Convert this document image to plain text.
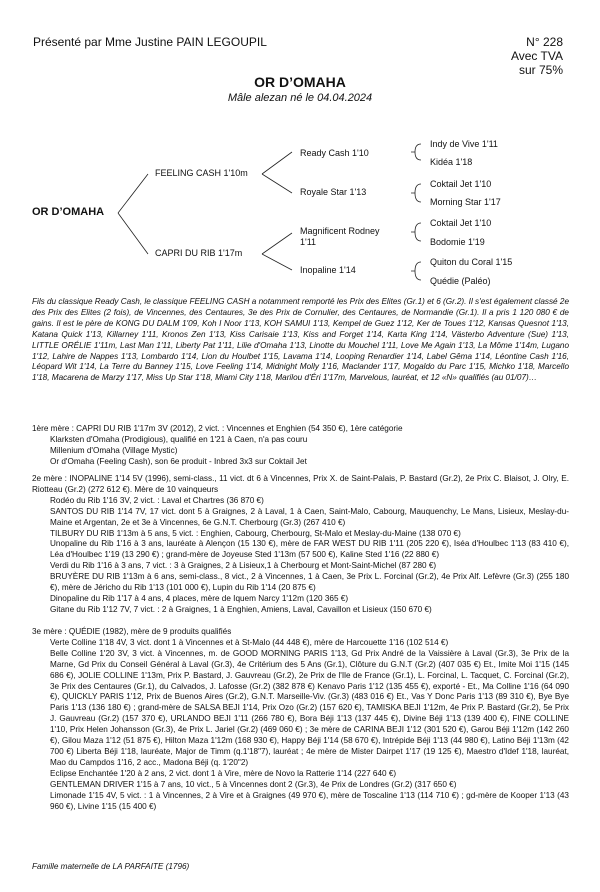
Présenté par Mme Justine PAIN LEGOUPIL	N° 228
Avec TVA
sur 75%
OR D’OMAHA
Mâle alezan né le 04.04.2024
OR D’OMAHA
FEELING CASH 1'10m
CAPRI DU RIB 1'17m
Ready Cash 1'10
Royale Star 1'13
Magnificent Rodney 1'11
Inopaline 1'14
Indy de Vive 1'11
Kidéa 1'18
Coktail Jet 1'10
Morning Star 1'17
Coktail Jet 1'10
Bodomie 1'19
Quiton du Coral 1'15
Quédie (Paléo)
Fils du classique Ready Cash, le classique FEELING CASH a notamment remporté les Prix des Elites (Gr.1) et 6 (Gr.2). Il s'est également classé 2e des Prix des Elites (2 fois), de Vincennes, des Centaures, 3e des Prix de Cornulier, des Centaures, de Normandie (Gr.1). Il a pris 1 120 080 € de gains. Il est le père de KONG DU DALM 1'09, Koh I Noor 1'13, KOH SAMUI 1'13, Kempel de Guez 1'12, Ker de Toues 1'12, Kansas Quesnot 1'13, Katana Quick 1'13, Killarney 1'11, Kronos Zen 1'13, Kiss Carisaie 1'13, Kiss and Forget 1'14, Karta King 1'14, Västerbo Adventure (Sue) 1'13, LITTLE ORÉLIE 1'11m, Last Man 1'11, Liberty Pat 1'11, Lilie d'Omaha 1'13, Linotte du Mouchel 1'11, Love Me Again 1'13, La Môme 1'14m, Lugano 1'12, Lahire de Nappes 1'13, Lombardo 1'14, Lion du Houlbet 1'15, Lavama 1'14, Looping Renardier 1'14, Label Gêma 1'14, Léontine Cash 1'16, Léopard Wit 1'14, La Terre du Banney 1'15, Love Feeling 1'14, Midnight Molly 1'16, Maclander 1'17, Mogaldo du Parc 1'15, Michko 1'18, Marcello 1'18, Macarena de Marzy 1'17, Miss Up Star 1'18, Miami City 1'18, Marilou d'Éri 1'17m, Marvelous, lauréat, et 12 «N» qualifiés (au 01/07)…

1ère mère : CAPRI DU RIB 1'17m 3V (2012), 2 vict. : Vincennes et Enghien (54 350 €), 1ère catégorie

Klarksten d'Omaha (Prodigious), qualifié en 1'21 à Caen, n'a pas couru

Millenium d'Omaha (Village Mystic)

Or d'Omaha (Feeling Cash), son 6e produit - Inbred 3x3 sur Coktail Jet

2e mère : INOPALINE 1'14 5V (1996), semi-class., 11 vict. dt 6 à Vincennes, Prix X. de Saint-Palais, P. Bastard (Gr.2), 2e Prix C. Blaisot, J. Olry, E. Riotteau (Gr.2) (272 612 €). Mère de 10 vainqueurs

Rodéo du Rib 1'16 3V, 2 vict. : Laval et Chartres (36 870 €)

SANTOS DU RIB 1'14 7V, 17 vict. dont 5 à Graignes, 2 à Laval, 1 à Caen, Saint-Malo, Cabourg, Mauquenchy, Le Mans, Lisieux, Meslay-du-Maine et Argentan, 2e et 3e à Vincennes, 6e G.N.T. Cherbourg (Gr.3) (267 410 €)

TILBURY DU RIB 1'13m à 5 ans, 5 vict. : Enghien, Cabourg, Cherbourg, St-Malo et Meslay-du-Maine (138 070 €)

Unopaline du Rib 1'16 à 3 ans, lauréate à Alençon (15 130 €), mère de FAR WEST DU RIB 1'11 (205 220 €), Iséa d'Houlbec 1'13 (83 410 €), Léa d'Houlbec 1'19 (13 290 €) ; grand-mère de Joyeuse Sted 1'13m (57 500 €), Kaline Sted 1'16 (22 880 €)

Verdi du Rib 1'16 à 3 ans, 7 vict. : 3 à Graignes, 2 à Lisieux,1 à Cherbourg et Mont-Saint-Michel (87 280 €)

BRUYÈRE DU RIB 1'13m à 6 ans, semi-class., 8 vict., 2 à Vincennes, 1 à Caen, 3e Prix L. Forcinal (Gr.2), 4e Prix Alf. Lefèvre (Gr.3) (255 180 €), mère de Jéricho du Rib 1'13 (101 000 €), Lupin du Rib 1'14 (20 875 €)

Dinopaline du Rib 1'17 à 4 ans, 4 places, mère de Iquem Narcy 1'12m (120 365 €)

Gitane du Rib 1'12 7V, 7 vict. : 2 à Graignes, 1 à Enghien, Amiens, Laval, Cavaillon et Lisieux (150 670 €)

3e mère : QUÉDIE (1982), mère de 9 produits qualifiés

Verte Colline 1'18 4V, 3 vict. dont 1 à Vincennes et à St-Malo (44 448 €), mère de Harcouette 1'16 (102 514 €)

Belle Colline 1'20 3V, 3 vict. à Vincennes, m. de GOOD MORNING PARIS 1'13, Gd Prix André de la Vaissière à Laval (Gr.3), 3e Prix de la Marne, Gd Prix du Conseil Général à Laval (Gr.3), 4e Critérium des 5 Ans (Gr.1), Clôture du G.N.T (Gr.2) (407 035 €) Et., Imite Moi 1'15 (145 686 €), JOLIE COLLINE 1'13m, Prix P. Bastard, J. Gauvreau (Gr.2), 2e Prix de l'Ile de France (Gr.1), L. Forcinal, L. Tacquet, C. Forcinal (Gr.2), 3e Prix des Centaures (Gr.1), du Calvados, J. Lafosse (Gr.2) (382 878 €) Kenavo Paris 1'12 (135 455 €), exporté - Et., Ma Colline 1'16 (64 090 €), QUICKLY PARIS 1'12, Prix de Buenos Aires (Gr.2), G.N.T. Marseille-Viv. (Gr.3) (483 016 €) Et., Vas Y Donc Paris 1'13 (89 310 €), Bye Bye Paris 1'13 (136 180 €) ; grand-mère de SALSA BEJI 1'14, Prix Ozo (Gr.2) (157 620 €), TAMISKA BEJI 1'12m, 4e Prix P. Bastard (Gr.2), 5e Prix J. Gauvreau (Gr.2) (157 370 €), URLANDO BEJI 1'11 (266 780 €), Bora Béji 1'13 (137 445 €), Divine Béji 1'13 (139 400 €), FINE COLLINE 1'10, Prix Helen Johansson (Gr.3), 4e Prix L. Jariel (Gr.2) (469 060 €) ; 3e mère de CARINA BEJI 1'12 (301 520 €), Garou Béji 1'12m (142 260 €), Gilou Maza 1'12 (51 875 €), Hilton Maza 1'12m (168 930 €), Happy Béji 1'14 (58 670 €), Intrépide Béji 1'13 (44 980 €), Latino Béji 1'13m (42 700 €) Liberta Béji 1'18, lauréate, Major de Timm (q.1'18"7), lauréat ; 4e mère de Mister Dairpet 1'17 (19 125 €), Maestro d'Idef 1'18, lauréat, Mao du Campdos 1'16, 2 acc., Madona Béji (q. 1'20"2)

Eclipse Enchantée 1'20 à 2 ans, 2 vict. dont 1 à Vire, mère de Novo la Ratterie 1'14 (227 640 €)

GENTLEMAN DRIVER 1'15 à 7 ans, 10 vict., 5 à Vincennes dont 2 (Gr.3), 4e Prix de Londres (Gr.2) (317 650 €)

Limonade 1'15 4V, 5 vict. : 1 à Vincennes, 2 à Vire et à Graignes (49 970 €), mère de Toscaline 1'13 (114 710 €) ; gd-mère de Kooper 1'13 (43 960 €), Livine 1'15 (15 400 €)

Famille maternelle de LA PARFAITE (1796)
